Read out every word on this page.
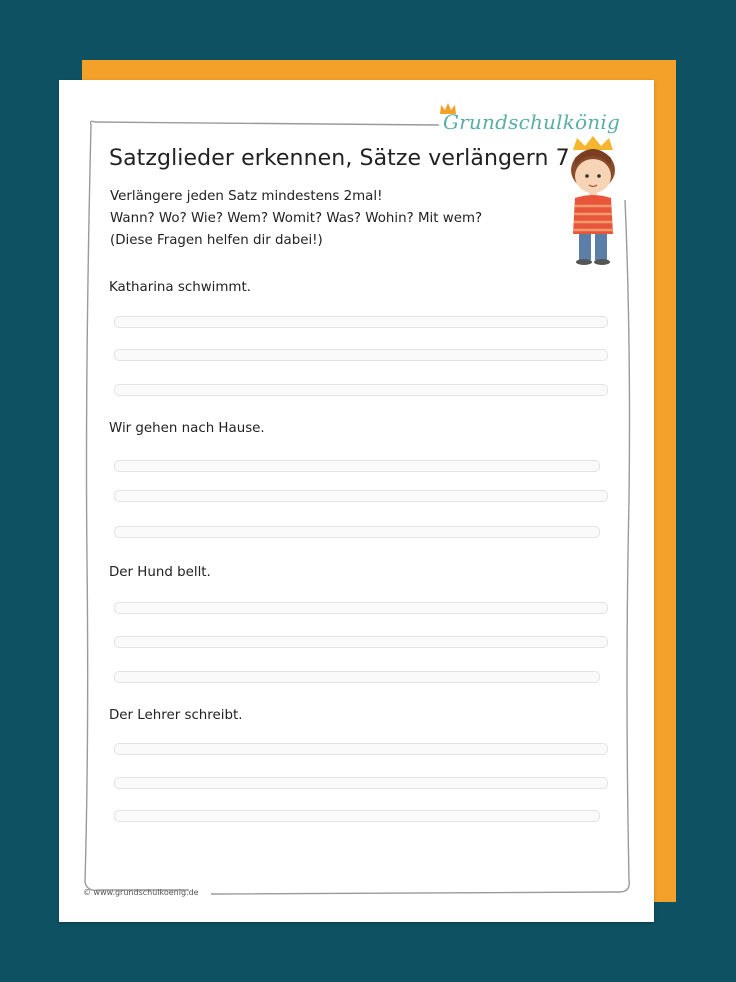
Grundschulkönig
Satzglieder erkennen, Sätze verlängern 7
Verlängere jeden Satz mindestens 2mal!
Wann? Wo? Wie? Wem? Womit? Was? Wohin? Mit wem?
(Diese Fragen helfen dir dabei!)
Katharina schwimmt.
Wir gehen nach Hause.
Der Hund bellt.
Der Lehrer schreibt.
© www.grundschulkoenig.de
